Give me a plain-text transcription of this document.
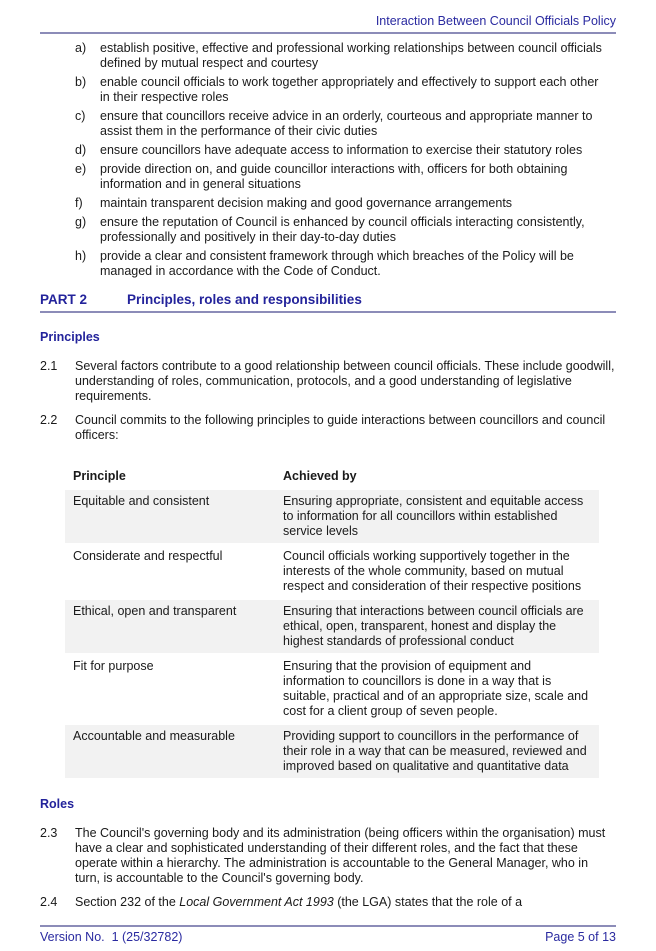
Interaction Between Council Officials Policy
a)	establish positive, effective and professional working relationships between council officials defined by mutual respect and courtesy
b)	enable council officials to work together appropriately and effectively to support each other in their respective roles
c)	ensure that councillors receive advice in an orderly, courteous and appropriate manner to assist them in the performance of their civic duties
d)	ensure councillors have adequate access to information to exercise their statutory roles
e)	provide direction on, and guide councillor interactions with, officers for both obtaining information and in general situations
f)	maintain transparent decision making and good governance arrangements
g)	ensure the reputation of Council is enhanced by council officials interacting consistently, professionally and positively in their day-to-day duties
h)	provide a clear and consistent framework through which breaches of the Policy will be managed in accordance with the Code of Conduct.
PART 2	Principles, roles and responsibilities
Principles
2.1	Several factors contribute to a good relationship between council officials. These include goodwill, understanding of roles, communication, protocols, and a good understanding of legislative requirements.
2.2	Council commits to the following principles to guide interactions between councillors and council officers:
Principle	Achieved by
Equitable and consistent	Ensuring appropriate, consistent and equitable access to information for all councillors within established service levels
Considerate and respectful	Council officials working supportively together in the interests of the whole community, based on mutual respect and consideration of their respective positions
Ethical, open and transparent	Ensuring that interactions between council officials are ethical, open, transparent, honest and display the highest standards of professional conduct
Fit for purpose	Ensuring that the provision of equipment and information to councillors is done in a way that is suitable, practical and of an appropriate size, scale and cost for a client group of seven people.
Accountable and measurable	Providing support to councillors in the performance of their role in a way that can be measured, reviewed and improved based on qualitative and quantitative data
Roles
2.3	The Council's governing body and its administration (being officers within the organisation) must have a clear and sophisticated understanding of their different roles, and the fact that these operate within a hierarchy. The administration is accountable to the General Manager, who in turn, is accountable to the Council's governing body.
2.4	Section 232 of the Local Government Act 1993 (the LGA) states that the role of a
Version No.  1 (25/32782)	Page 5 of 13
